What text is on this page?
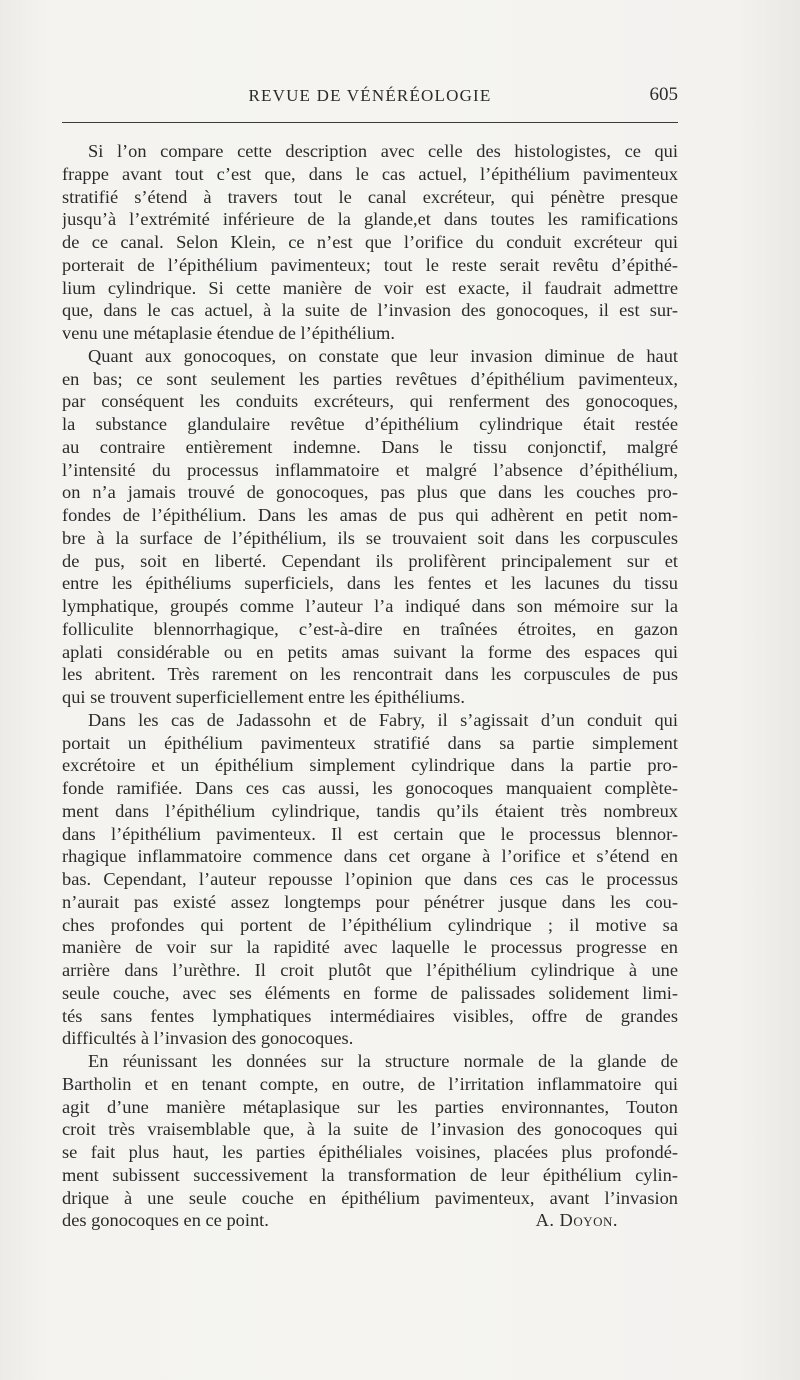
REVUE DE VÉNÉRÉOLOGIE	605
Si l’on compare cette description avec celle des histologistes, ce qui
frappe avant tout c’est que, dans le cas actuel, l’épithélium pavimenteux
stratifié s’étend à travers tout le canal excréteur, qui pénètre presque
jusqu’à l’extrémité inférieure de la glande,et dans toutes les ramifications
de ce canal. Selon Klein, ce n’est que l’orifice du conduit excréteur qui
porterait de l’épithélium pavimenteux; tout le reste serait revêtu d’épithé-
lium cylindrique. Si cette manière de voir est exacte, il faudrait admettre
que, dans le cas actuel, à la suite de l’invasion des gonocoques, il est sur-
venu une métaplasie étendue de l’épithélium.
Quant aux gonocoques, on constate que leur invasion diminue de haut
en bas; ce sont seulement les parties revêtues d’épithélium pavimenteux,
par conséquent les conduits excréteurs, qui renferment des gonocoques,
la substance glandulaire revêtue d’épithélium cylindrique était restée
au contraire entièrement indemne. Dans le tissu conjonctif, malgré
l’intensité du processus inflammatoire et malgré l’absence d’épithélium,
on n’a jamais trouvé de gonocoques, pas plus que dans les couches pro-
fondes de l’épithélium. Dans les amas de pus qui adhèrent en petit nom-
bre à la surface de l’épithélium, ils se trouvaient soit dans les corpuscules
de pus, soit en liberté. Cependant ils prolifèrent principalement sur et
entre les épithéliums superficiels, dans les fentes et les lacunes du tissu
lymphatique, groupés comme l’auteur l’a indiqué dans son mémoire sur la
folliculite blennorrhagique, c’est-à-dire en traînées étroites, en gazon
aplati considérable ou en petits amas suivant la forme des espaces qui
les abritent. Très rarement on les rencontrait dans les corpuscules de pus
qui se trouvent superficiellement entre les épithéliums.
Dans les cas de Jadassohn et de Fabry, il s’agissait d’un conduit qui
portait un épithélium pavimenteux stratifié dans sa partie simplement
excrétoire et un épithélium simplement cylindrique dans la partie pro-
fonde ramifiée. Dans ces cas aussi, les gonocoques manquaient complète-
ment dans l’épithélium cylindrique, tandis qu’ils étaient très nombreux
dans l’épithélium pavimenteux. Il est certain que le processus blennor-
rhagique inflammatoire commence dans cet organe à l’orifice et s’étend en
bas. Cependant, l’auteur repousse l’opinion que dans ces cas le processus
n’aurait pas existé assez longtemps pour pénétrer jusque dans les cou-
ches profondes qui portent de l’épithélium cylindrique ; il motive sa
manière de voir sur la rapidité avec laquelle le processus progresse en
arrière dans l’urèthre. Il croit plutôt que l’épithélium cylindrique à une
seule couche, avec ses éléments en forme de palissades solidement limi-
tés sans fentes lymphatiques intermédiaires visibles, offre de grandes
difficultés à l’invasion des gonocoques.
En réunissant les données sur la structure normale de la glande de
Bartholin et en tenant compte, en outre, de l’irritation inflammatoire qui
agit d’une manière métaplasique sur les parties environnantes, Touton
croit très vraisemblable que, à la suite de l’invasion des gonocoques qui
se fait plus haut, les parties épithéliales voisines, placées plus profondé-
ment subissent successivement la transformation de leur épithélium cylin-
drique à une seule couche en épithélium pavimenteux, avant l’invasion
des gonocoques en ce point.	A. Doyon.
